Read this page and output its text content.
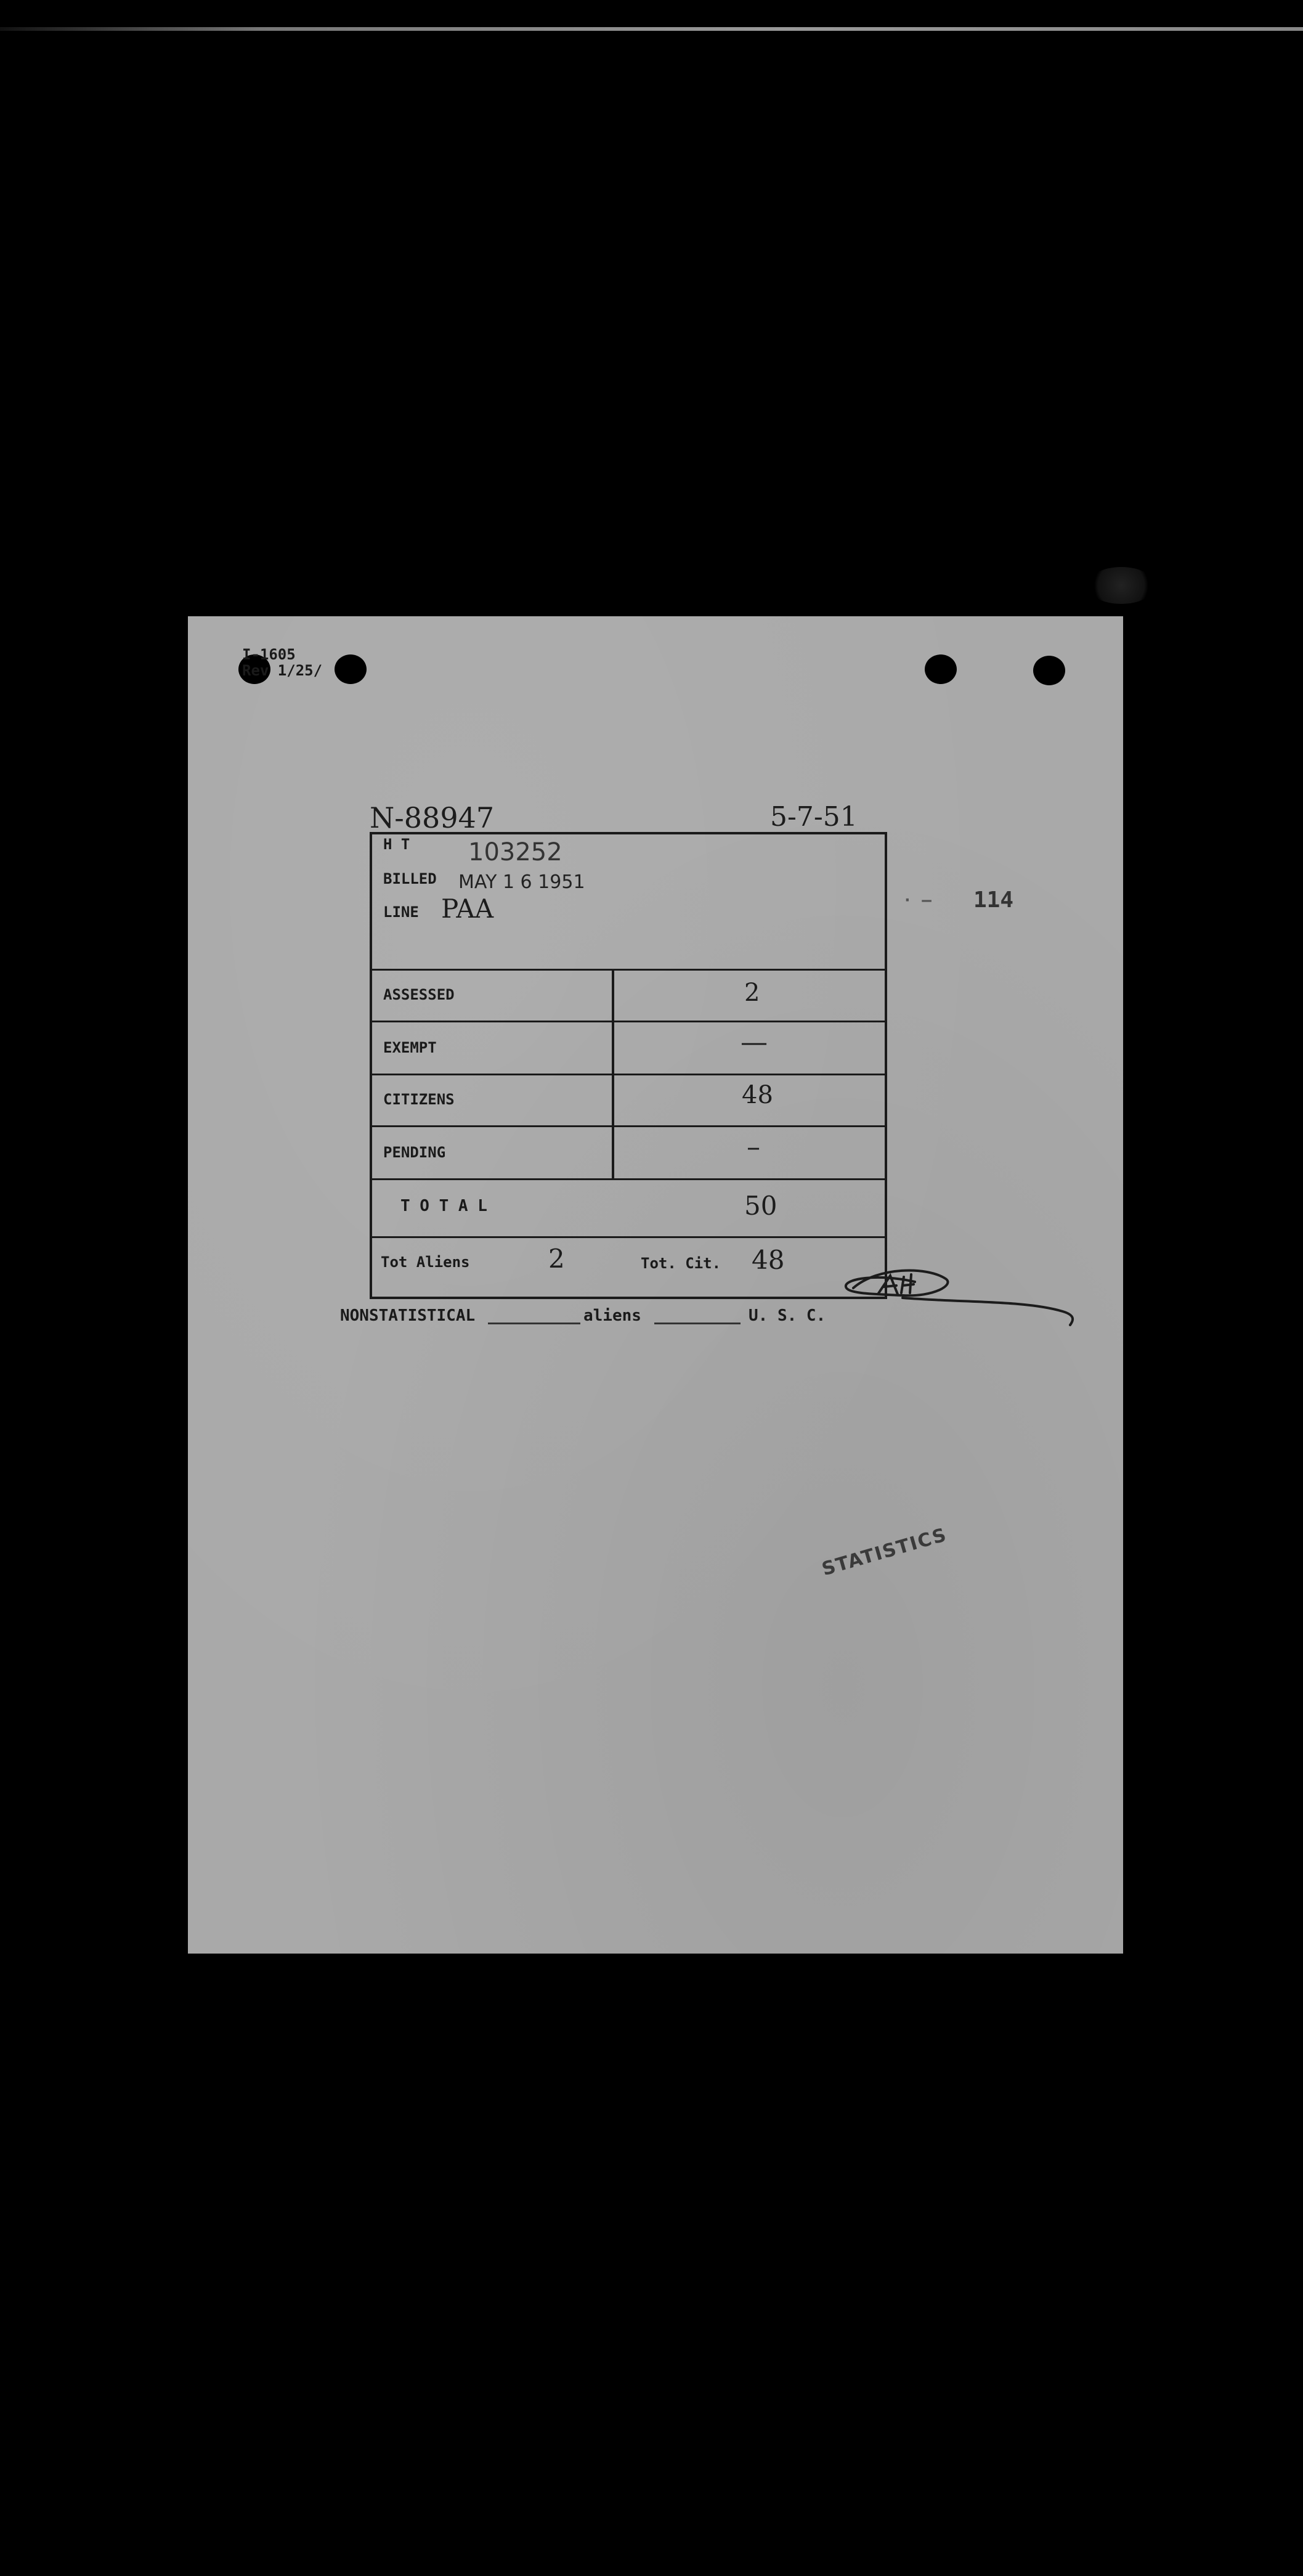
I-1605
Rev 1/25/
N-88947	5-7-51
114
· –
H T 103252
BILLED MAY 1 6 1951
LINE PAA
ASSESSED	2
EXEMPT	—
CITIZENS	48
PENDING	–
T O T A L	50
Tot Aliens	2	Tot. Cit. 48
NONSTATISTICAL	aliens	U. S. C.
STATISTICS
